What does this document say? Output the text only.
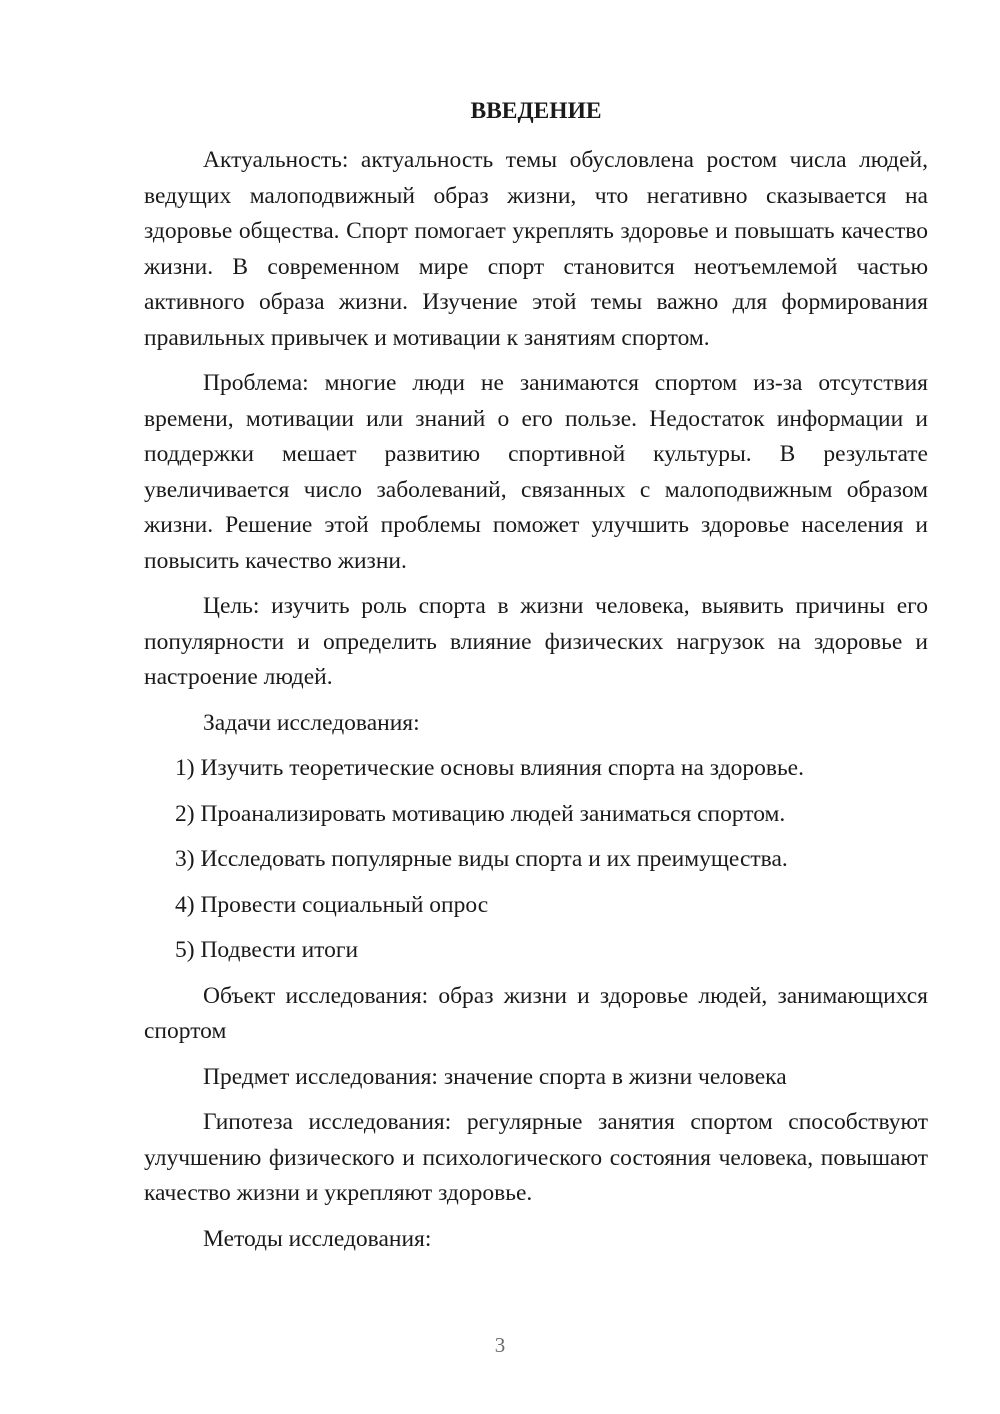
ВВЕДЕНИЕ

Актуальность: актуальность темы обусловлена ростом числа людей, ведущих малоподвижный образ жизни, что негативно сказывается на здоровье общества. Спорт помогает укреплять здоровье и повышать качество жизни. В современном мире спорт становится неотъемлемой частью активного образа жизни. Изучение этой темы важно для формирования правильных привычек и мотивации к занятиям спортом.

Проблема: многие люди не занимаются спортом из-за отсутствия времени, мотивации или знаний о его пользе. Недостаток информации и поддержки мешает развитию спортивной культуры. В результате увеличивается число заболеваний, связанных с малоподвижным образом жизни. Решение этой проблемы поможет улучшить здоровье населения и повысить качество жизни.

Цель: изучить роль спорта в жизни человека, выявить причины его популярности и определить влияние физических нагрузок на здоровье и настроение людей.

Задачи исследования:

1) Изучить теоретические основы влияния спорта на здоровье.

2) Проанализировать мотивацию людей заниматься спортом.

3) Исследовать популярные виды спорта и их преимущества.

4) Провести социальный опрос

5) Подвести итоги

Объект исследования: образ жизни и здоровье людей, занимающихся спортом

Предмет исследования: значение спорта в жизни человека

Гипотеза исследования: регулярные занятия спортом способствуют улучшению физического и психологического состояния человека, повышают качество жизни и укрепляют здоровье.

Методы исследования:

3
